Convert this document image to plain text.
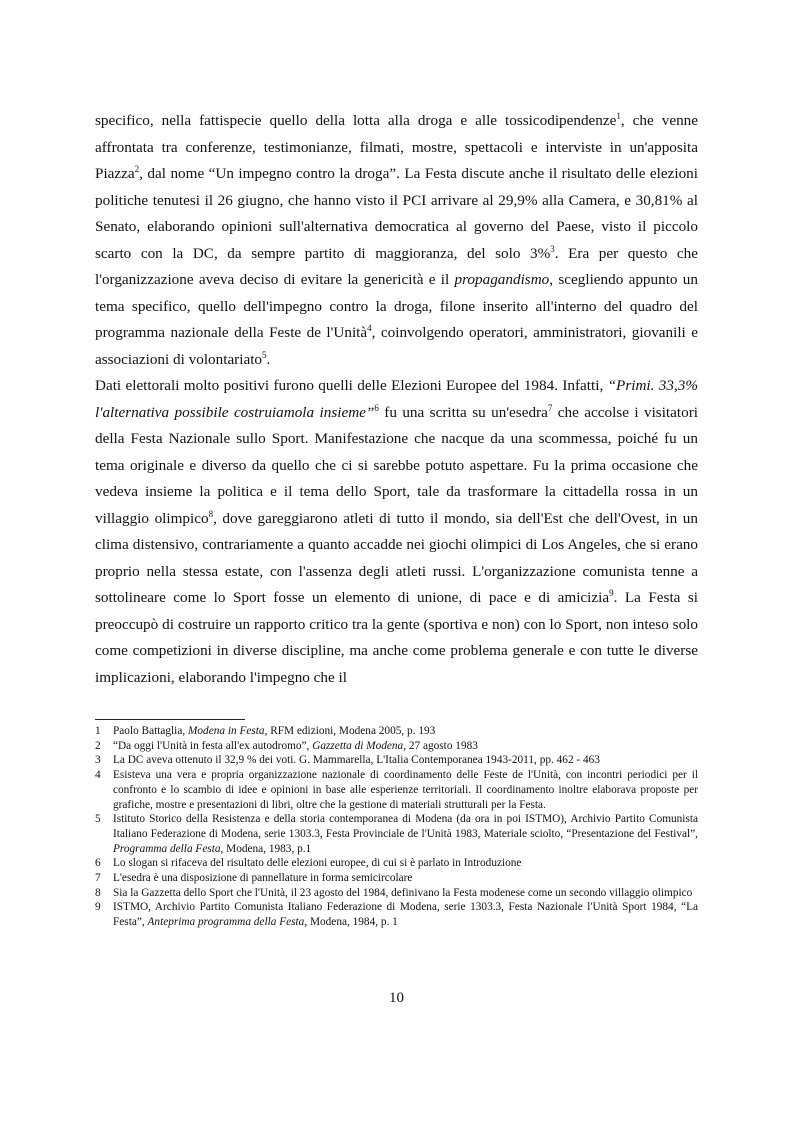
specifico, nella fattispecie quello della lotta alla droga e alle tossicodipendenze$^1$, che venne affrontata tra conferenze, testimonianze, filmati, mostre, spettacoli e interviste in un'apposita Piazza$^2$, dal nome “Un impegno contro la droga”. La Festa discute anche il risultato delle elezioni politiche tenutesi il 26 giugno, che hanno visto il PCI arrivare al 29,9% alla Camera, e 30,81% al Senato, elaborando opinioni sull'alternativa democratica al governo del Paese, visto il piccolo scarto con la DC, da sempre partito di maggioranza, del solo 3%$^3$. Era per questo che l'organizzazione aveva deciso di evitare la genericità e il propagandismo, scegliendo appunto un tema specifico, quello dell'impegno contro la droga, filone inserito all'interno del quadro del programma nazionale della Feste de l'Unità$^4$, coinvolgendo operatori, amministratori, giovanili e associazioni di volontariato$^5$.

Dati elettorali molto positivi furono quelli delle Elezioni Europee del 1984. Infatti, “Primi. 33,3% l'alternativa possibile costruiamola insieme”$^6$ fu una scritta su un'esedra$^7$ che accolse i visitatori della Festa Nazionale sullo Sport. Manifestazione che nacque da una scommessa, poiché fu un tema originale e diverso da quello che ci si sarebbe potuto aspettare. Fu la prima occasione che vedeva insieme la politica e il tema dello Sport, tale da trasformare la cittadella rossa in un villaggio olimpico$^8$, dove gareggiarono atleti di tutto il mondo, sia dell'Est che dell'Ovest, in un clima distensivo, contrariamente a quanto accadde nei giochi olimpici di Los Angeles, che si erano proprio nella stessa estate, con l'assenza degli atleti russi. L'organizzazione comunista tenne a sottolineare come lo Sport fosse un elemento di unione, di pace e di amicizia$^9$. La Festa si preoccupò di costruire un rapporto critico tra la gente (sportiva e non) con lo Sport, non inteso solo come competizioni in diverse discipline, ma anche come problema generale e con tutte le diverse implicazioni, elaborando l'impegno che il

1	Paolo Battaglia, Modena in Festa, RFM edizioni, Modena 2005, p. 193
2	“Da oggi l'Unità in festa all'ex autodromo”, Gazzetta di Modena, 27 agosto 1983
3	La DC aveva ottenuto il 32,9 % dei voti. G. Mammarella, L'Italia Contemporanea 1943-2011, pp. 462 - 463
4	Esisteva una vera e propria organizzazione nazionale di coordinamento delle Feste de l'Unità, con incontri periodici per il confronto e lo scambio di idee e opinioni in base alle esperienze territoriali. Il coordinamento inoltre elaborava proposte per grafiche, mostre e presentazioni di libri, oltre che la gestione di materiali strutturali per la Festa.
5	Istituto Storico della Resistenza e della storia contemporanea di Modena (da ora in poi ISTMO), Archivio Partito Comunista Italiano Federazione di Modena, serie 1303.3, Festa Provinciale de l'Unità 1983, Materiale sciolto, “Presentazione del Festival”, Programma della Festa, Modena, 1983, p.1
6	Lo slogan si rifaceva del risultato delle elezioni europee, di cui si è parlato in Introduzione
7	L'esedra è una disposizione di pannellature in forma semicircolare
8	Sia la Gazzetta dello Sport che l'Unità, il 23 agosto del 1984, definivano la Festa modenese come un secondo villaggio olimpico
9	ISTMO, Archivio Partito Comunista Italiano Federazione di Modena, serie 1303.3, Festa Nazionale l'Unità Sport 1984, “La Festa”, Anteprima programma della Festa, Modena, 1984, p. 1
10
